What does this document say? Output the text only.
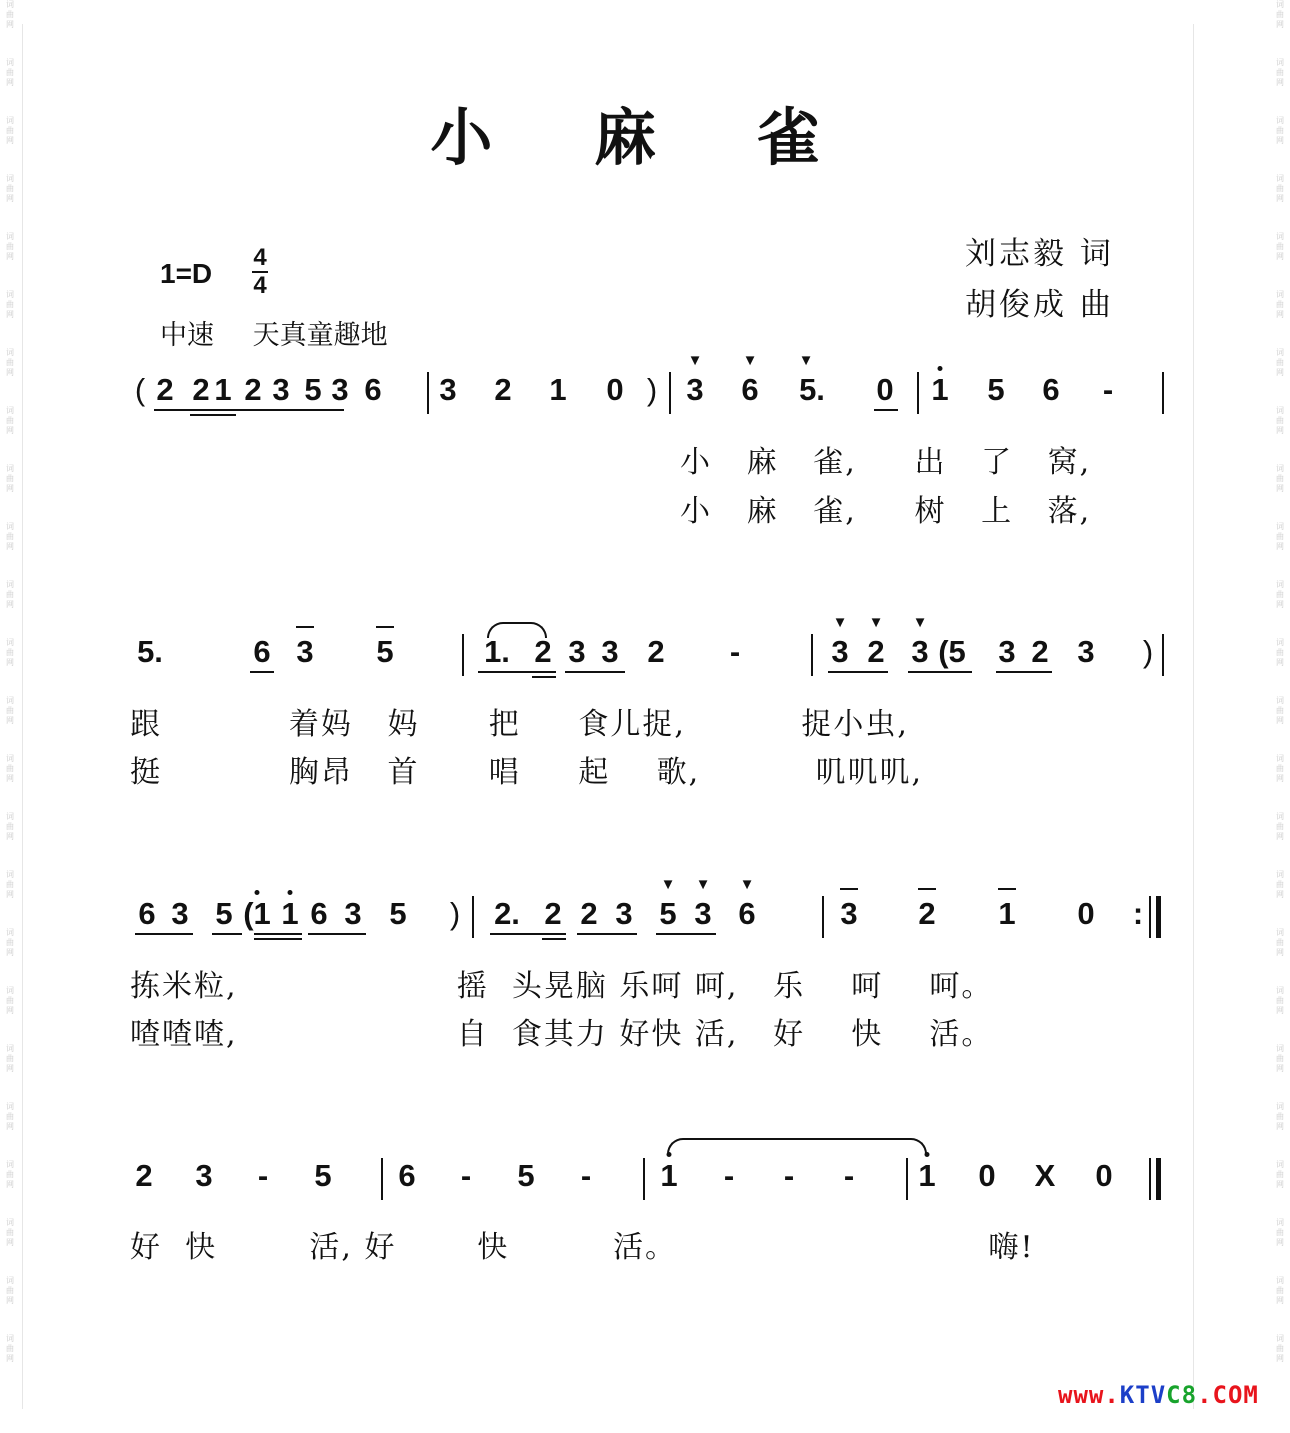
词
曲
网
词
曲
网
词
曲
网
词
曲
网
词
曲
网
词
曲
网
词
曲
网
词
曲
网
词
曲
网
词
曲
网
词
曲
网
词
曲
网
词
曲
网
词
曲
网
词
曲
网
词
曲
网
词
曲
网
词
曲
网
词
曲
网
词
曲
网
词
曲
网
词
曲
网
词
曲
网
词
曲
网
词
曲
网
词
曲
网
词
曲
网
词
曲
网
词
曲
网
词
曲
网
词
曲
网
词
曲
网
词
曲
网
词
曲
网
词
曲
网
词
曲
网
词
曲
网
词
曲
网
词
曲
网
词
曲
网
词
曲
网
词
曲
网
词
曲
网
词
曲
网
词
曲
网
词
曲
网
词
曲
网
词
曲
网
小 麻 雀
刘志毅 词
胡俊成 曲
1=D
4
4
中速 天真童趣地
( 2 2 1 2 3 5 3 6 3 2 1 0 )
▼	▼	▼
3 6 5. 0 1 5 6 -
小 麻 雀, 出 了 窝,
小 麻 雀, 树 上 落,
5.	6 3 5	1. 2 3 3 2 -
▼ ▼ ▼
3 2 3 (5 3 2 3 )
跟	着妈 妈 把 食儿捉,	捉小虫,
挺	胸昂 首 唱 起 歌,	叽叽叽,
6 3 5 (1 1 6 3 5 ) 2. 2 2 3
▼ ▼ ▼
5 3 6	3 2 1 0 :
拣米粒,	摇 头晃脑 乐呵 呵, 乐 呵 呵。
喳喳喳,	自 食其力 好快 活, 好 快 活。
2 3 - 5 6 - 5 - 1 - - - 1 0 X 0
好 快	活, 好	快	活。	嗨!
www.KTVC8.COM
